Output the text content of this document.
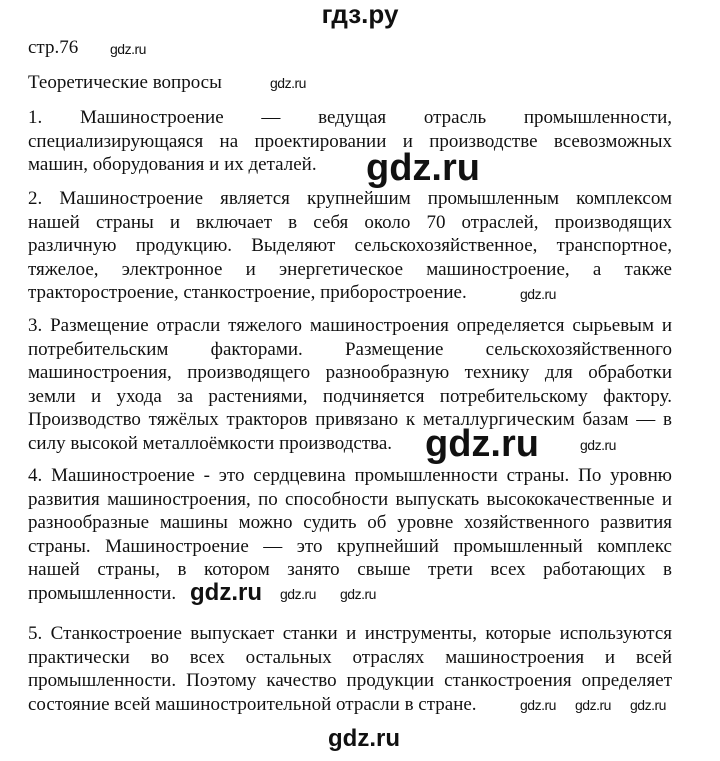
гдз.ру
стр.76
Теоретические вопросы
1. Машиностроение — ведущая отрасль промышленности,
специализирующаяся на проектировании и производстве всевозможных
машин, оборудования и их деталей.
2. Машиностроение является крупнейшим промышленным комплексом
нашей страны и включает в себя около 70 отраслей, производящих
различную продукцию. Выделяют сельскохозяйственное, транспортное,
тяжелое, электронное и энергетическое машиностроение, а также
тракторостроение, станкостроение, приборостроение.
3. Размещение отрасли тяжелого машиностроения определяется сырьевым и
потребительским факторами. Размещение сельскохозяйственного
машиностроения, производящего разнообразную технику для обработки
земли и ухода за растениями, подчиняется потребительскому фактору.
Производство тяжёлых тракторов привязано к металлургическим базам — в
силу высокой металлоёмкости производства.
4. Машиностроение - это сердцевина промышленности страны. По уровню
развития машиностроения, по способности выпускать высококачественные и
разнообразные машины можно судить об уровне хозяйственного развития
страны. Машиностроение — это крупнейший промышленный комплекс
нашей страны, в котором занято свыше трети всех работающих в
промышленности.
5. Станкостроение выпускает станки и инструменты, которые используются
практически во всех остальных отраслях машиностроения и всей
промышленности. Поэтому качество продукции станкостроения определяет
состояние всей машиностроительной отрасли в стране.
gdz.ru
gdz.ru
gdz.ru
gdz.ru
gdz.ru gdz.ru
gdz.ru gdz.ru gdz.ru
gdz.ru
gdz.ru
gdz.ru
gdz.ru
